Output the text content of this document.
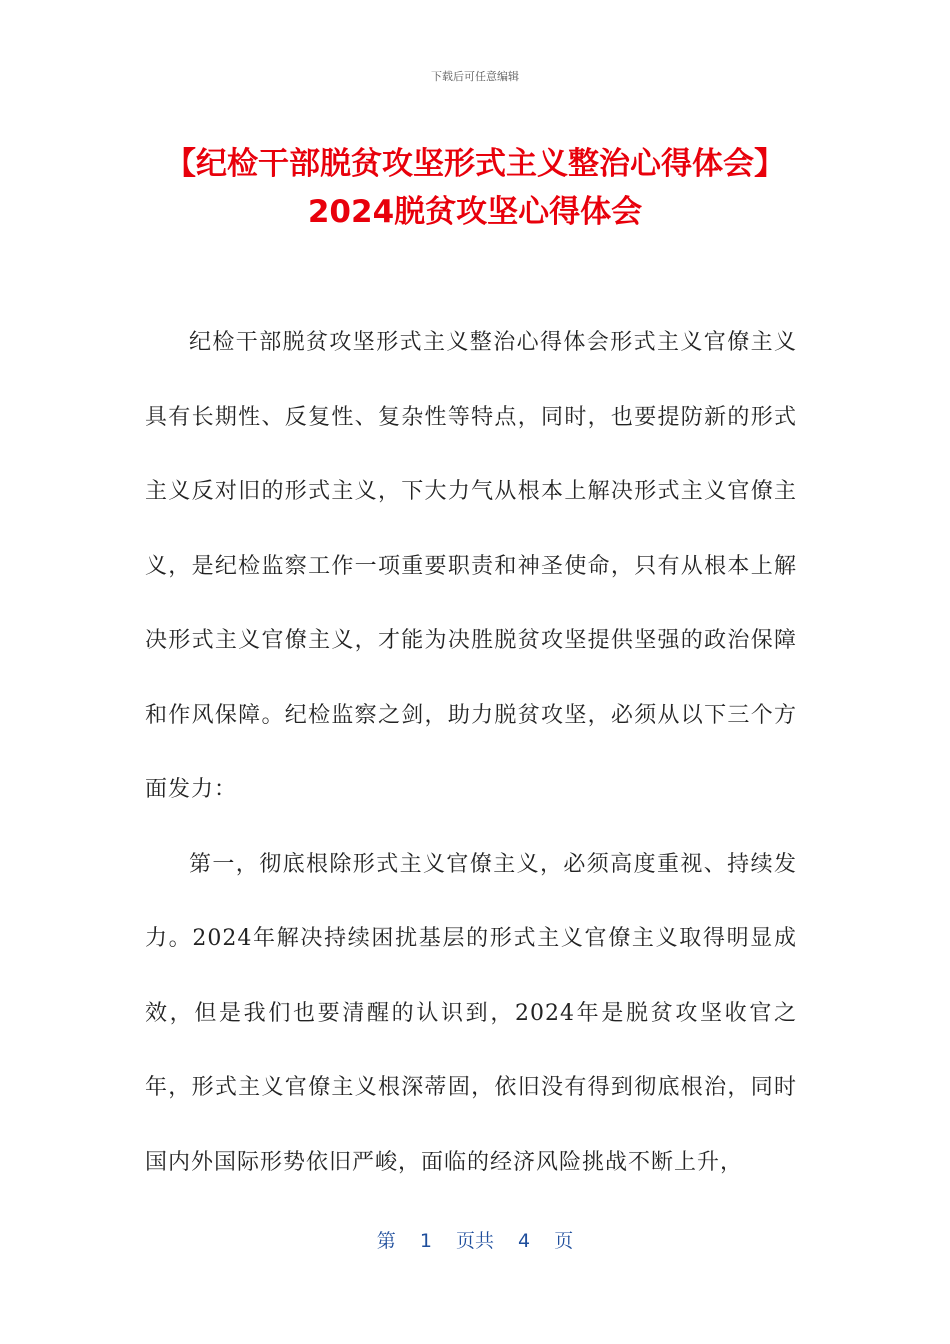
下载后可任意编辑
【纪检干部脱贫攻坚形式主义整治心得体会】2024脱贫攻坚心得体会

纪检干部脱贫攻坚形式主义整治心得体会形式主义官僚主义具有长期性、反复性、复杂性等特点，同时，也要提防新的形式主义反对旧的形式主义，下大力气从根本上解决形式主义官僚主义，是纪检监察工作一项重要职责和神圣使命，只有从根本上解决形式主义官僚主义，才能为决胜脱贫攻坚提供坚强的政治保障和作风保障。纪检监察之剑，助力脱贫攻坚，必须从以下三个方面发力：

第一，彻底根除形式主义官僚主义，必须高度重视、持续发力。2024年解决持续困扰基层的形式主义官僚主义取得明显成效，但是我们也要清醒的认识到，2024年是脱贫攻坚收官之年，形式主义官僚主义根深蒂固，依旧没有得到彻底根治，同时国内外国际形势依旧严峻，面临的经济风险挑战不断上升，

第 1 页共 4 页
